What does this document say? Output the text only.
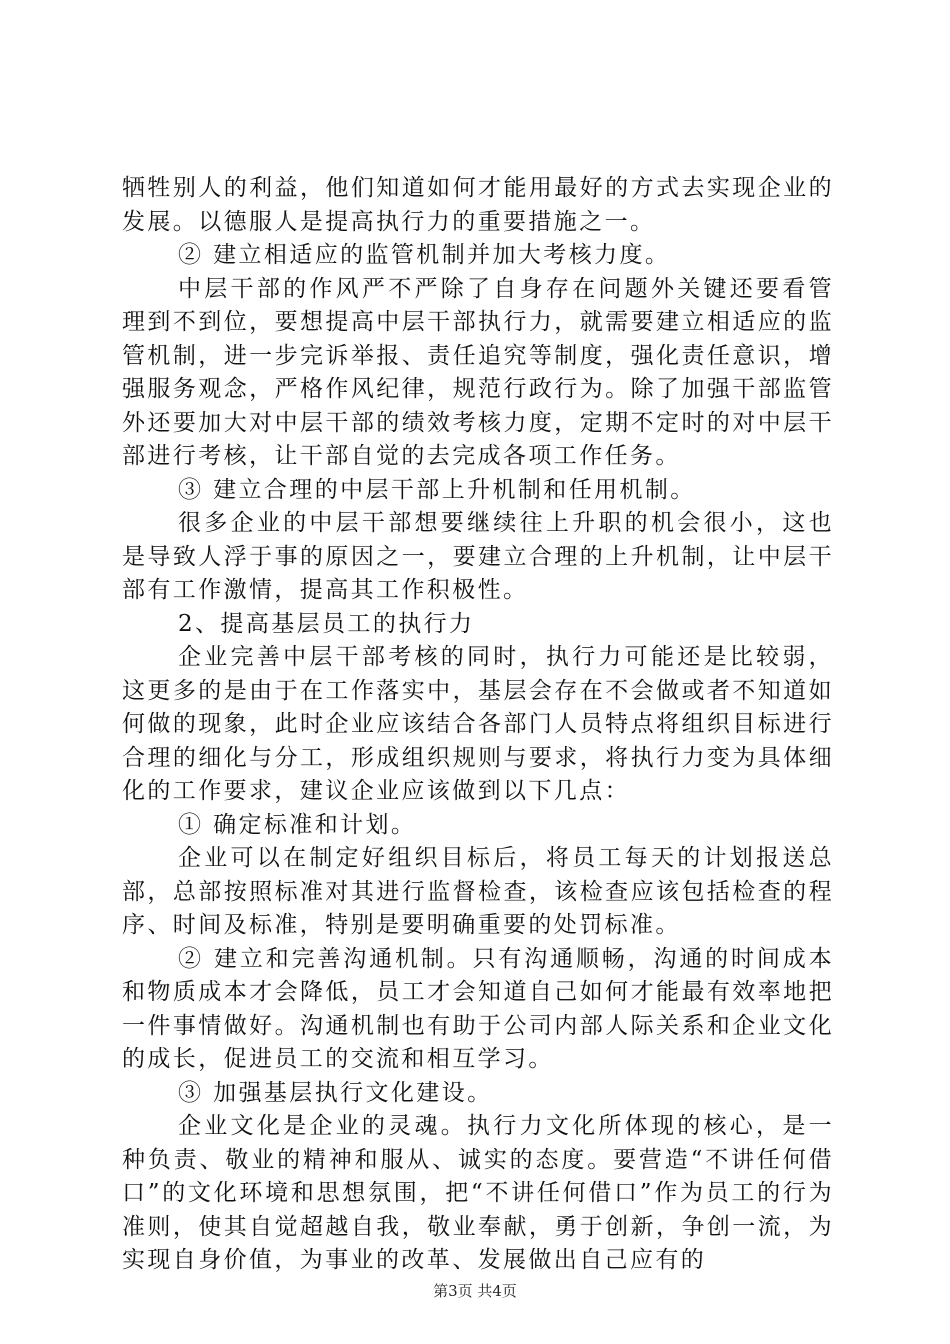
牺牲别人的利益，他们知道如何才能用最好的方式去实现企业的发展。以德服人是提高执行力的重要措施之一。

② 建立相适应的监管机制并加大考核力度。

中层干部的作风严不严除了自身存在问题外关键还要看管理到不到位，要想提高中层干部执行力，就需要建立相适应的监管机制，进一步完诉举报、责任追究等制度，强化责任意识，增强服务观念，严格作风纪律，规范行政行为。除了加强干部监管外还要加大对中层干部的绩效考核力度，定期不定时的对中层干部进行考核，让干部自觉的去完成各项工作任务。

③ 建立合理的中层干部上升机制和任用机制。

很多企业的中层干部想要继续往上升职的机会很小，这也是导致人浮于事的原因之一，要建立合理的上升机制，让中层干部有工作激情，提高其工作积极性。

2、提高基层员工的执行力

企业完善中层干部考核的同时，执行力可能还是比较弱，这更多的是由于在工作落实中，基层会存在不会做或者不知道如何做的现象，此时企业应该结合各部门人员特点将组织目标进行合理的细化与分工，形成组织规则与要求，将执行力变为具体细化的工作要求，建议企业应该做到以下几点：

① 确定标准和计划。

企业可以在制定好组织目标后，将员工每天的计划报送总部，总部按照标准对其进行监督检查，该检查应该包括检查的程序、时间及标准，特别是要明确重要的处罚标准。

② 建立和完善沟通机制。只有沟通顺畅，沟通的时间成本和物质成本才会降低，员工才会知道自己如何才能最有效率地把一件事情做好。沟通机制也有助于公司内部人际关系和企业文化的成长，促进员工的交流和相互学习。

③ 加强基层执行文化建设。

企业文化是企业的灵魂。执行力文化所体现的核心，是一种负责、敬业的精神和服从、诚实的态度。要营造“不讲任何借口”的文化环境和思想氛围，把“不讲任何借口”作为员工的行为准则，使其自觉超越自我，敬业奉献，勇于创新，争创一流，为实现自身价值，为事业的改革、发展做出自己应有的

第3页 共4页
